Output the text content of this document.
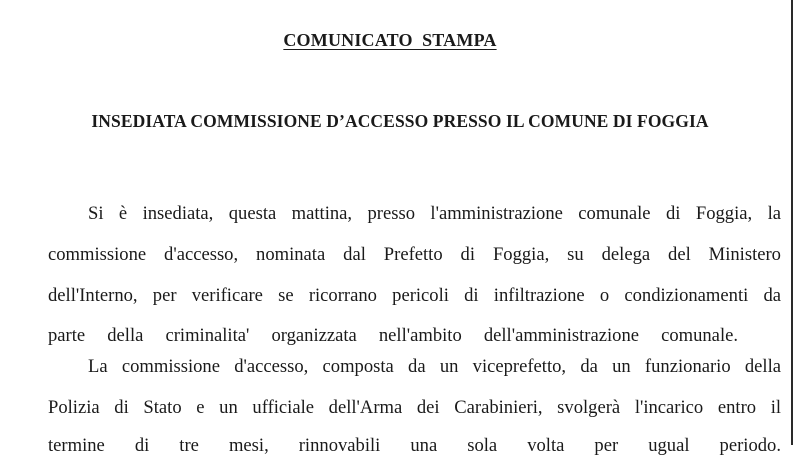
COMUNICATO  STAMPA
INSEDIATA COMMISSIONE D’ACCESSO PRESSO IL COMUNE DI FOGGIA
Si è insediata, questa mattina, presso l'amministrazione comunale di Foggia, la
commissione d'accesso, nominata dal Prefetto di Foggia, su delega del Ministero
dell'Interno, per verificare se ricorrano pericoli di infiltrazione o condizionamenti da
parte della criminalita' organizzata nell'ambito dell'amministrazione comunale.
La commissione d'accesso, composta da un viceprefetto, da un funzionario della
Polizia di Stato e un ufficiale dell'Arma dei Carabinieri, svolgerà l'incarico entro il
termine di tre mesi, rinnovabili una sola volta per ugual periodo.
